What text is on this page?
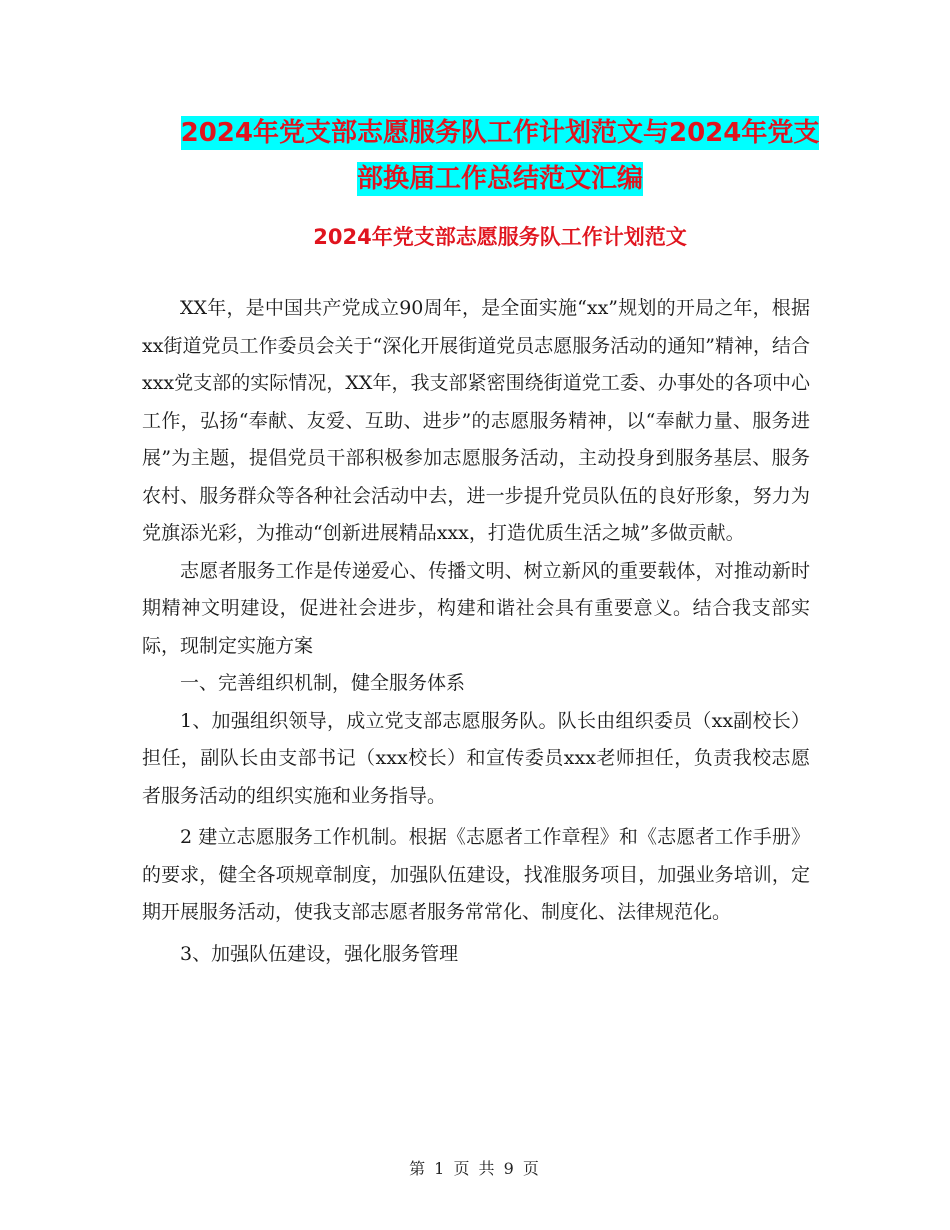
2024年党支部志愿服务队工作计划范文与2024年党支
部换届工作总结范文汇编
2024年党支部志愿服务队工作计划范文

XX年，是中国共产党成立90周年，是全面实施“xx”规划的开局之年，根据xx街道党员工作委员会关于“深化开展街道党员志愿服务活动的通知”精神，结合xxx党支部的实际情况，XX年，我支部紧密围绕街道党工委、办事处的各项中心工作，弘扬“奉献、友爱、互助、进步”的志愿服务精神，以“奉献力量、服务进展”为主题，提倡党员干部积极参加志愿服务活动，主动投身到服务基层、服务农村、服务群众等各种社会活动中去，进一步提升党员队伍的良好形象，努力为党旗添光彩，为推动“创新进展精品xxx，打造优质生活之城”多做贡献。

志愿者服务工作是传递爱心、传播文明、树立新风的重要载体，对推动新时期精神文明建设，促进社会进步，构建和谐社会具有重要意义。结合我支部实际，现制定实施方案

一、完善组织机制，健全服务体系

1、加强组织领导，成立党支部志愿服务队。队长由组织委员（xx副校长）担任，副队长由支部书记（xxx校长）和宣传委员xxx老师担任，负责我校志愿者服务活动的组织实施和业务指导。

2 建立志愿服务工作机制。根据《志愿者工作章程》和《志愿者工作手册》的要求，健全各项规章制度，加强队伍建设，找准服务项目，加强业务培训，定期开展服务活动，使我支部志愿者服务常常化、制度化、法律规范化。

3、加强队伍建设，强化服务管理

第 1 页 共 9 页
